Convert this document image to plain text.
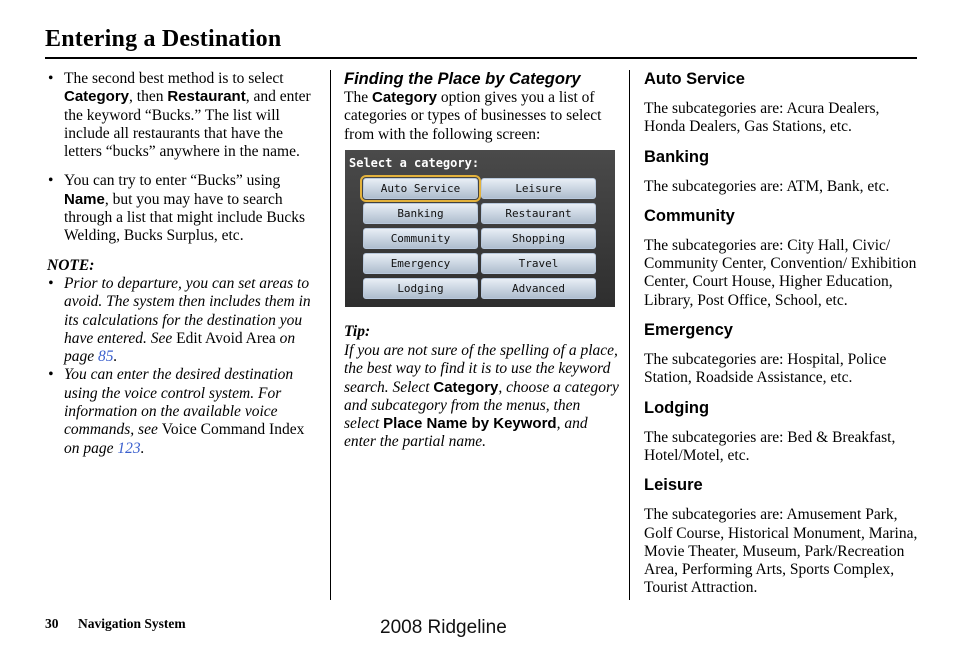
Entering a Destination
• The second best method is to select Category, then Restaurant, and enter the keyword “Bucks.” The list will include all restaurants that have the letters “bucks” anywhere in the name.
• You can try to enter “Bucks” using Name, but you may have to search through a list that might include Bucks Welding, Bucks Surplus, etc.

NOTE:

• Prior to departure, you can set areas to avoid. The system then includes them in its calculations for the destination you have entered. See Edit Avoid Area on page 85.
• You can enter the desired destination using the voice control system. For information on the available voice commands, see Voice Command Index on page 123.

Finding the Place by Category

The Category option gives you a list of categories or types of businesses to select from with the following screen:

Select a category:
Auto Service	Leisure
Banking	Restaurant
Community	Shopping
Emergency	Travel
Lodging	Advanced

Tip:

If you are not sure of the spelling of a place, the best way to find it is to use the keyword search. Select Category, choose a category and subcategory from the menus, then select Place Name by Keyword, and enter the partial name.

Auto Service

The subcategories are: Acura Dealers, Honda Dealers, Gas Stations, etc.

Banking

The subcategories are: ATM, Bank, etc.

Community

The subcategories are: City Hall, Civic/ Community Center, Convention/ Exhibition Center, Court House, Higher Education, Library, Post Office, School, etc.

Emergency

The subcategories are: Hospital, Police Station, Roadside Assistance, etc.

Lodging

The subcategories are: Bed & Breakfast, Hotel/Motel, etc.

Leisure

The subcategories are: Amusement Park, Golf Course, Historical Monument, Marina, Movie Theater, Museum, Park/Recreation Area, Performing Arts, Sports Complex, Tourist Attraction.

30 Navigation System	2008 Ridgeline
